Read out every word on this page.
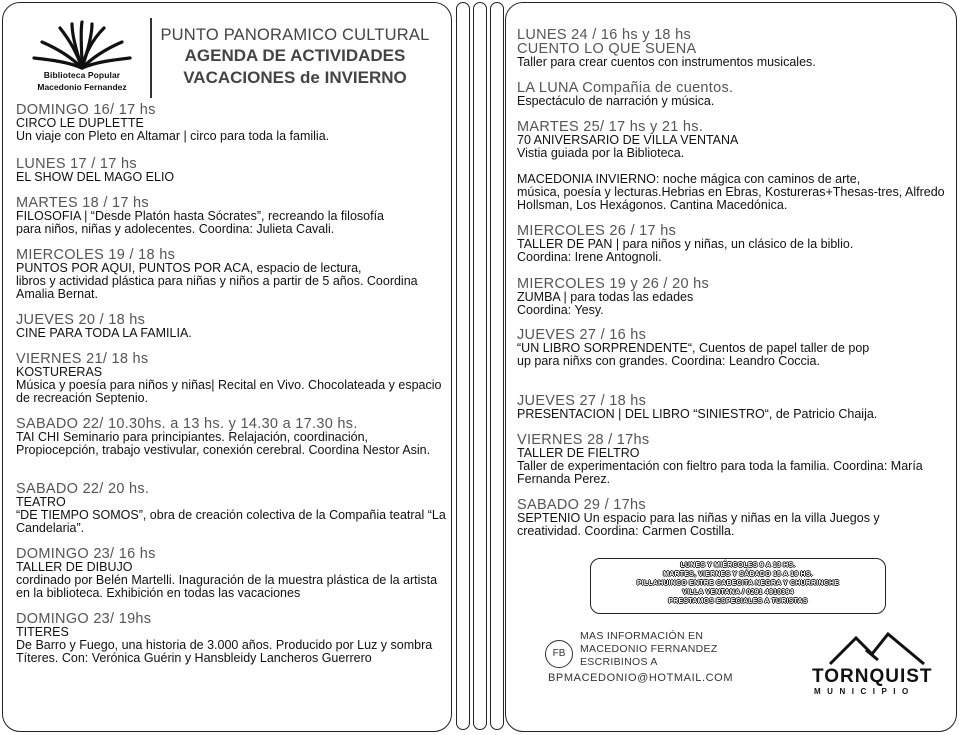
Biblioteca Popular
Macedonio Fernandez
PUNTO PANORAMICO CULTURAL
AGENDA DE ACTIVIDADES
VACACIONES de INVIERNO
DOMINGO 16/ 17 hs
CIRCO LE DUPLETTE
Un viaje con Pleto en Altamar | circo para toda la familia.
LUNES 17 / 17 hs
EL SHOW DEL MAGO ELIO
MARTES 18 / 17 hs
FILOSOFIA | “Desde Platón hasta Sócrates”, recreando la filosofía
para niños, niñas y adolecentes. Coordina: Julieta Cavali.
MIERCOLES 19 / 18 hs
PUNTOS POR AQUI, PUNTOS POR ACA, espacio de lectura,
libros y actividad plástica para niñas y niños a partir de 5 años. Coordina Amalia Bernat.
JUEVES 20 / 18 hs
CINE PARA TODA LA FAMILIA.
VIERNES 21/ 18 hs
KOSTURERAS
Música y poesía para niños y niñas| Recital en Vivo. Chocolateada y espacio de recreación Septenio.
SABADO 22/ 10.30hs. a 13 hs. y 14.30 a 17.30 hs.
TAI CHI Seminario para principiantes. Relajación, coordinación,
Propiocepción, trabajo vestivular, conexión cerebral. Coordina Nestor Asin.
SABADO 22/ 20 hs.
TEATRO
“DE TIEMPO SOMOS”, obra de creación colectiva de la Compañia teatral “La Candelaria”.
DOMINGO 23/ 16 hs
TALLER DE DIBUJO
cordinado por Belén Martelli. Inaguración de la muestra plástica de la artista en la biblioteca. Exhibición en todas las vacaciones
DOMINGO 23/ 19hs
TITERES
De Barro y Fuego, una historia de 3.000 años. Producido por Luz y sombra Títeres. Con: Verónica Guérin y Hansbleidy Lancheros Guerrero
LUNES 24 / 16 hs y 18 hs
CUENTO LO QUE SUENA
Taller para crear cuentos con instrumentos musicales.
LA LUNA Compañia de cuentos.
Espectáculo de narración y música.
MARTES 25/ 17 hs y 21 hs.
70 ANIVERSARIO DE VILLA VENTANA
Vistia guiada por la Biblioteca.
MACEDONIA INVIERNO: noche mágica con caminos de arte,
música, poesía y lecturas.Hebrias en Ebras, Kostureras+Thesas-tres, Alfredo Hollsman, Los Hexágonos. Cantina Macedónica.
MIERCOLES 26 / 17 hs
TALLER DE PAN | para niños y niñas, un clásico de la biblio.
Coordina: Irene Antognoli.
MIERCOLES 19 y 26 / 20 hs
ZUMBA | para todas las edades
Coordina: Yesy.
JUEVES 27 / 16 hs
“UN LIBRO SORPRENDENTE“, Cuentos de papel taller de pop
up para niñxs con grandes. Coordina: Leandro Coccia.
JUEVES 27 / 18 hs
PRESENTACION | DEL LIBRO “SINIESTRO“, de Patricio Chaija.
VIERNES 28 / 17hs
TALLER DE FIELTRO
Taller de experimentación con fieltro para toda la familia. Coordina: María Fernanda Perez.
SABADO 29 / 17hs
SEPTENIO Un espacio para las niñas y niñas en la villa Juegos y
creatividad. Coordina: Carmen Costilla.
LUNES Y MIÉRCOLES 9 A 13 HS.
MARTES, VIERNES Y SÁBADO 15 A 19 HS.
PILLAHUINCO ENTRE CABECITA NEGRA Y CHURRINCHE
VILLA VENTANA / 0291 4910394
PRESTAMOS ESPECIALES A TURISTAS
FB
MAS INFORMACIÓN EN
MACEDONIO FERNANDEZ
ESCRIBINOS A
BPMACEDONIO@HOTMAIL.COM	TORNQUIST
MUNICIPIO
